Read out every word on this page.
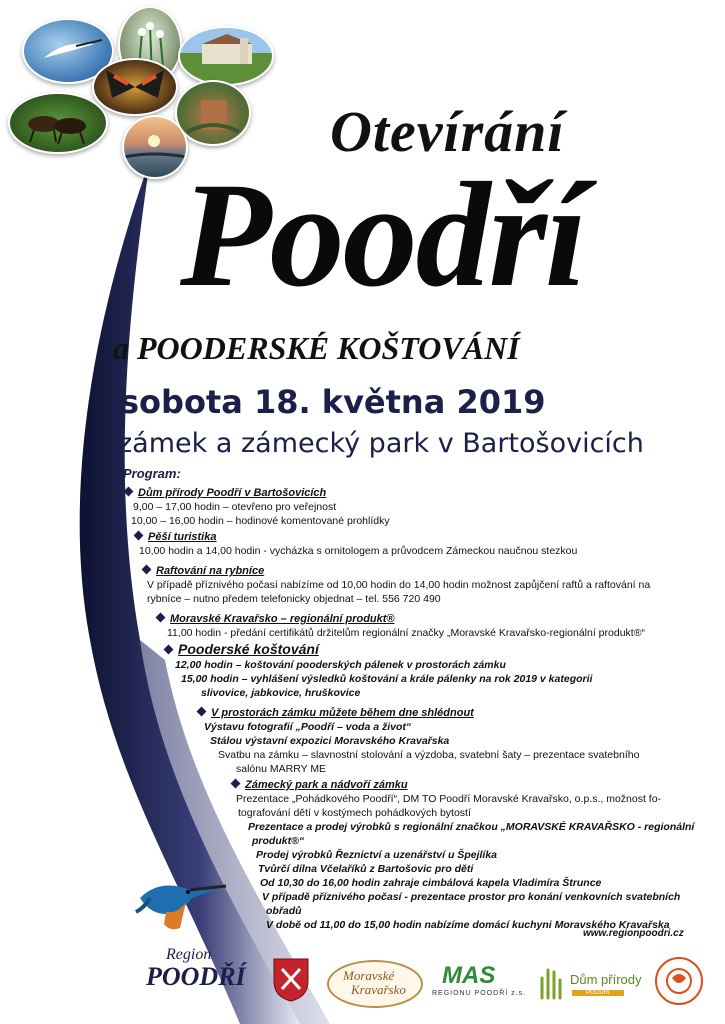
Otevírání
Poodří
a POODERSKÉ KOŠTOVÁNÍ
sobota 18. května 2019
zámek a zámecký park v Bartošovicích
Program:
Dům přírody Poodří v Bartošovicích
9,00 – 17,00 hodin – otevřeno pro veřejnost
10,00 – 16,00 hodin – hodinové komentované prohlídky
Pěší turistika
10,00 hodin a 14,00 hodin - vycházka s ornitologem a průvodcem Zámeckou naučnou stezkou
Raftování na rybníce
V případě příznivého počasí nabízíme od 10,00 hodin do 14,00 hodin možnost zapůjčení raftů a raftování na
rybníce – nutno předem telefonicky objednat – tel. 556 720 490
Moravské Kravařsko – regionální produkt®
11,00 hodin - předání certifikátů držitelům regionální značky „Moravské Kravařsko-regionální produkt®“
Pooderské koštování
12,00 hodin – koštování pooderských pálenek v prostorách zámku
15,00 hodin – vyhlášení výsledků koštování a krále pálenky na rok 2019 v kategorii
slivovice, jabkovice, hruškovice
V prostorách zámku můžete během dne shlédnout
Výstavu fotografií „Poodří – voda a život“
Stálou výstavní expozici Moravského Kravařska
Svatbu na zámku – slavnostní stolování a výzdoba, svatební šaty – prezentace svatebního
salónu MARRY ME
Zámecký park a nádvoří zámku
Prezentace „Pohádkového Poodří“, DM TO Poodří Moravské Kravařsko, o.p.s., možnost fo-
tografování dětí v kostýmech pohádkových bytostí
Prezentace a prodej výrobků s regionální značkou „MORAVSKÉ KRAVAŘSKO - regionální
produkt®“
Prodej výrobků Řeznictví a uzenářství u Špejlíka
Tvůrčí dílna Včelaříků z Bartošovic pro děti
Od 10,30 do 16,00 hodin zahraje cimbálová kapela Vladimíra Štrunce
V případě příznivého počasí - prezentace prostor pro konání venkovních svatebních
obřadů
V době od 11,00 do 15,00 hodin nabízíme domácí kuchyni Moravského Kravařska
www.regionpoodri.cz
Region
POODŘÍ	Moravské
Kravařsko
MAS
REGIONU POODŘÍ z.s.
Dům přírody
POODŘÍ
